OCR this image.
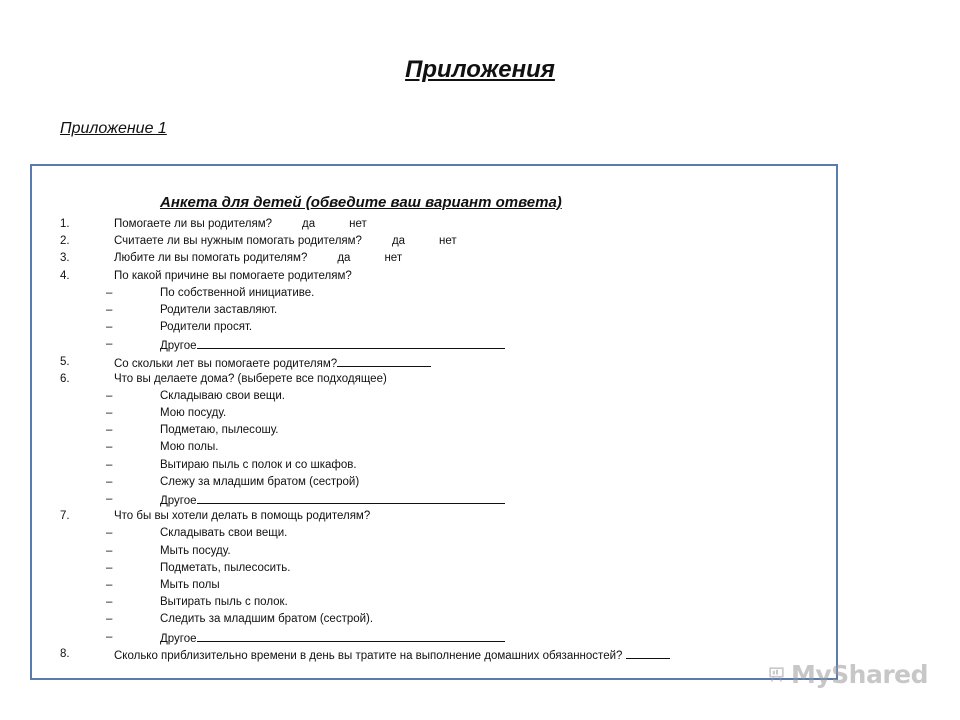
Приложения
Приложение 1
Анкета для детей (обведите ваш вариант ответа)
1.	Помогаете ли вы родителям?	да	нет
2.	Считаете ли вы нужным помогать родителям?	да	нет
3.	Любите ли вы помогать родителям?	да	нет
4.	По какой причине вы помогаете родителям?
–	По собственной инициативе.
–	Родители заставляют.
–	Родители просят.
–	Другое
5.	Со скольки лет вы помогаете родителям?
6.	Что вы делаете дома? (выберете все подходящее)
–	Складываю свои вещи.
–	Мою посуду.
–	Подметаю, пылесошу.
–	Мою полы.
–	Вытираю пыль с полок и со шкафов.
–	Слежу за младшим братом (сестрой)
–	Другое
7.	Что бы вы хотели делать в помощь родителям?
–	Складывать свои вещи.
–	Мыть посуду.
–	Подметать, пылесосить.
–	Мыть полы
–	Вытирать пыль с полок.
–	Следить за младшим братом (сестрой).
–	Другое
8.	Сколько приблизительно времени в день вы тратите на выполнение домашних обязанностей?
MyShared
